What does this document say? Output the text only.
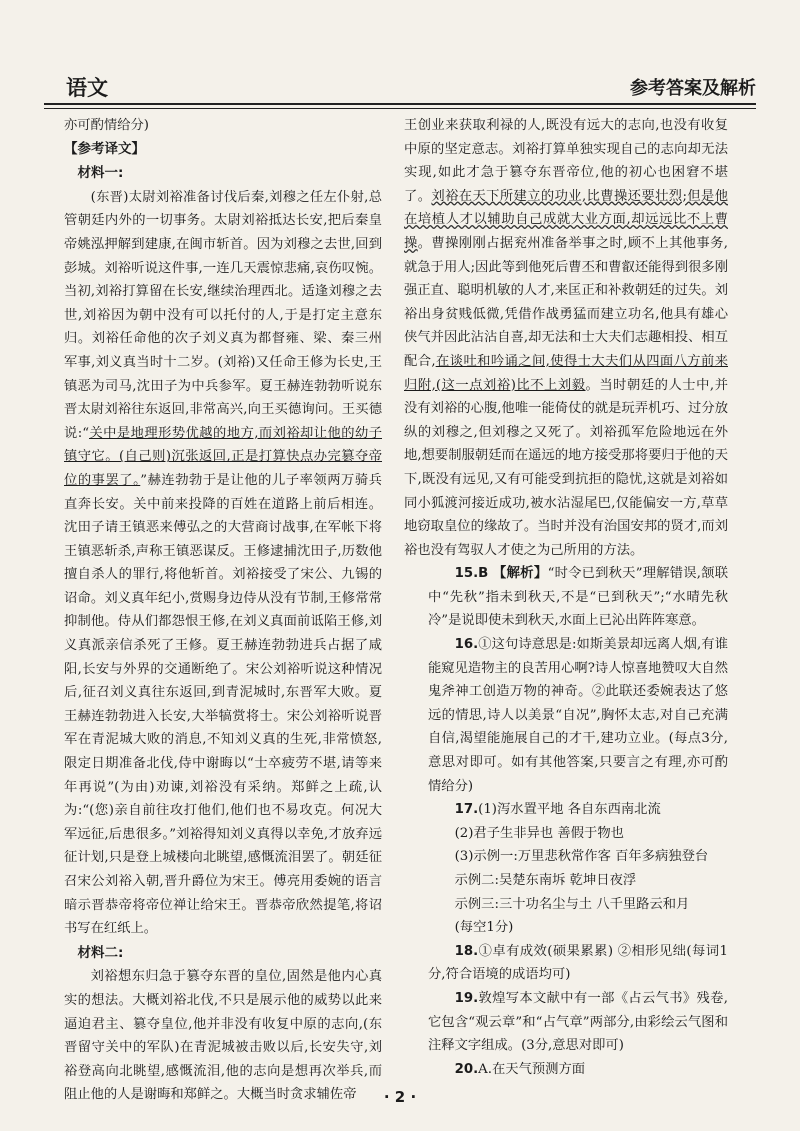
语文	参考答案及解析

亦可酌情给分)

【参考译文】

材料一:

(东晋)太尉刘裕准备讨伐后秦,刘穆之任左仆射,总管朝廷内外的一切事务。太尉刘裕抵达长安,把后秦皇帝姚泓押解到建康,在闽市斩首。因为刘穆之去世,回到彭城。刘裕听说这件事,一连几天震惊悲痛,哀伤叹惋。当初,刘裕打算留在长安,继续治理西北。适逢刘穆之去世,刘裕因为朝中没有可以托付的人,于是打定主意东归。刘裕任命他的次子刘义真为都督雍、梁、秦三州军事,刘义真当时十二岁。(刘裕)又任命王修为长史,王镇恶为司马,沈田子为中兵参军。夏王赫连勃勃听说东晋太尉刘裕往东返回,非常高兴,向王买德询问。王买德说:“关中是地理形势优越的地方,而刘裕却让他的幼子镇守它。(自己则)沉张返回,正是打算快点办完篡夺帝位的事罢了。”赫连勃勃于是让他的儿子率领两万骑兵直奔长安。关中前来投降的百姓在道路上前后相连。沈田子请王镇恶来傅弘之的大营商讨战事,在军帐下将王镇恶斩杀,声称王镇恶谋反。王修逮捕沈田子,历数他擅自杀人的罪行,将他斩首。刘裕接受了宋公、九锡的诏命。刘义真年纪小,赏赐身边侍从没有节制,王修常常抑制他。侍从们都怨恨王修,在刘义真面前诋陷王修,刘义真派亲信杀死了王修。夏王赫连勃勃进兵占据了咸阳,长安与外界的交通断绝了。宋公刘裕听说这种情况后,征召刘义真往东返回,到青泥城时,东晋军大败。夏王赫连勃勃进入长安,大举犒赏将士。宋公刘裕听说晋军在青泥城大败的消息,不知刘义真的生死,非常愤怒,限定日期准备北伐,侍中谢晦以“士卒疲劳不堪,请等来年再说”(为由)劝谏,刘裕没有采纳。郑鲜之上疏,认为:“(您)亲自前往攻打他们,他们也不易攻克。何况大军远征,后患很多。”刘裕得知刘义真得以幸免,才放弃远征计划,只是登上城楼向北眺望,感慨流泪罢了。朝廷征召宋公刘裕入朝,晋升爵位为宋王。傅亮用委婉的语言暗示晋恭帝将帝位禅让给宋王。晋恭帝欣然提笔,将诏书写在红纸上。

材料二:

刘裕想东归急于篡夺东晋的皇位,固然是他内心真实的想法。大概刘裕北伐,不只是展示他的威势以此来逼迫君主、篡夺皇位,他并非没有收复中原的志向,(东晋留守关中的军队)在青泥城被击败以后,长安失守,刘裕登高向北眺望,感慨流泪,他的志向是想再次举兵,而阻止他的人是谢晦和郑鲜之。大概当时贪求辅佐帝

王创业来获取利禄的人,既没有远大的志向,也没有收复中原的坚定意志。刘裕打算单独实现自己的志向却无法实现,如此才急于篡夺东晋帝位,他的初心也困窘不堪了。刘裕在天下所建立的功业,比曹操还要壮烈;但是他在培植人才以辅助自己成就大业方面,却远远比不上曹操。曹操刚刚占据兖州准备举事之时,顾不上其他事务,就急于用人;因此等到他死后曹丕和曹叡还能得到很多刚强正直、聪明机敏的人才,来匡正和补救朝廷的过失。刘裕出身贫贱低微,凭借作战勇猛而建立功名,他具有雄心侠气并因此沾沾自喜,却无法和士大夫们志趣相投、相互配合,在谈吐和吟诵之间,使得士大夫们从四面八方前来归附,(这一点刘裕)比不上刘毅。当时朝廷的人士中,并没有刘裕的心腹,他唯一能倚仗的就是玩弄机巧、过分放纵的刘穆之,但刘穆之又死了。刘裕孤军危险地远在外地,想要制服朝廷而在遥远的地方接受那将要归于他的天下,既没有远见,又有可能受到抗拒的隐忧,这就是刘裕如同小狐渡河接近成功,被水沾湿尾巴,仅能偏安一方,草草地窃取皇位的缘故了。当时并没有治国安邦的贤才,而刘裕也没有驾驭人才使之为己所用的方法。

15.B 【解析】“时令已到秋天”理解错误,颔联中“先秋”指未到秋天,不是“已到秋天”;“水晴先秋冷”是说即使未到秋天,水面上已沁出阵阵寒意。

16.①这句诗意思是:如斯美景却远离人烟,有谁能窥见造物主的良苦用心啊?诗人惊喜地赞叹大自然鬼斧神工创造万物的神奇。②此联还委婉表达了悠远的情思,诗人以美景“自况”,胸怀太志,对自己充满自信,渴望能施展自己的才干,建功立业。(每点3分,意思对即可。如有其他答案,只要言之有理,亦可酌情给分)

17.(1)泻水置平地 各自东西南北流

(2)君子生非异也 善假于物也

(3)示例一:万里悲秋常作客 百年多病独登台

示例二:吴楚东南坼 乾坤日夜浮

示例三:三十功名尘与土 八千里路云和月

(每空1分)

18.①卓有成效(硕果累累) ②相形见绌(每词1分,符合语境的成语均可)

19.敦煌写本文献中有一部《占云气书》残卷,它包含“观云章”和“占气章”两部分,由彩绘云气图和注释文字组成。(3分,意思对即可)

20.A.在天气预测方面

· 2 ·
